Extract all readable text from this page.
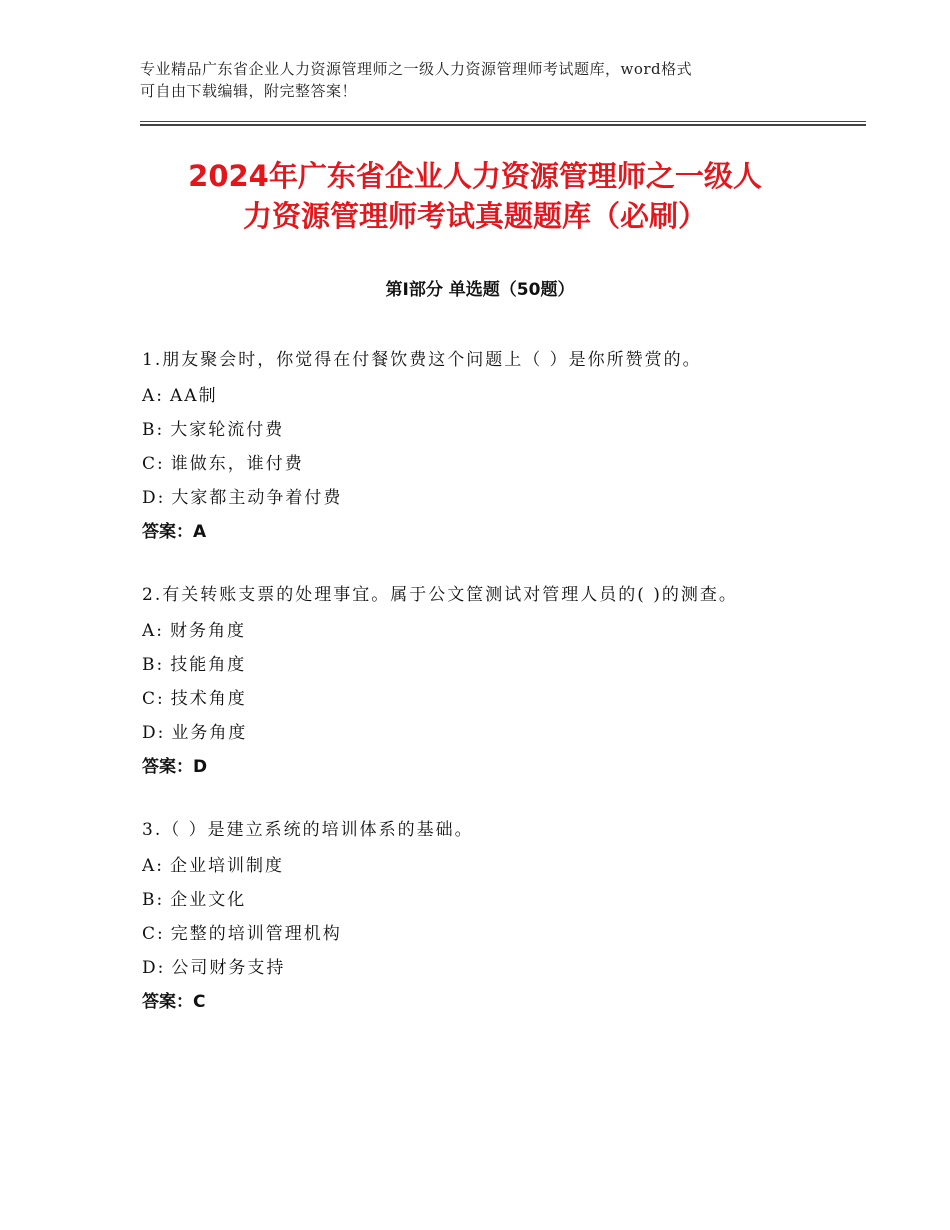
专业精品广东省企业人力资源管理师之一级人力资源管理师考试题库，word格式
可自由下载编辑，附完整答案！
2024年广东省企业人力资源管理师之一级人
力资源管理师考试真题题库（必刷）
第Ⅰ部分 单选题（50题）
1.朋友聚会时，你觉得在付餐饮费这个问题上（ ）是你所赞赏的。
A: AA制
B: 大家轮流付费
C: 谁做东，谁付费
D: 大家都主动争着付费
答案：A
2.有关转账支票的处理事宜。属于公文筐测试对管理人员的( )的测查。
A: 财务角度
B: 技能角度
C: 技术角度
D: 业务角度
答案：D
3.（ ）是建立系统的培训体系的基础。
A: 企业培训制度
B: 企业文化
C: 完整的培训管理机构
D: 公司财务支持
答案：C
